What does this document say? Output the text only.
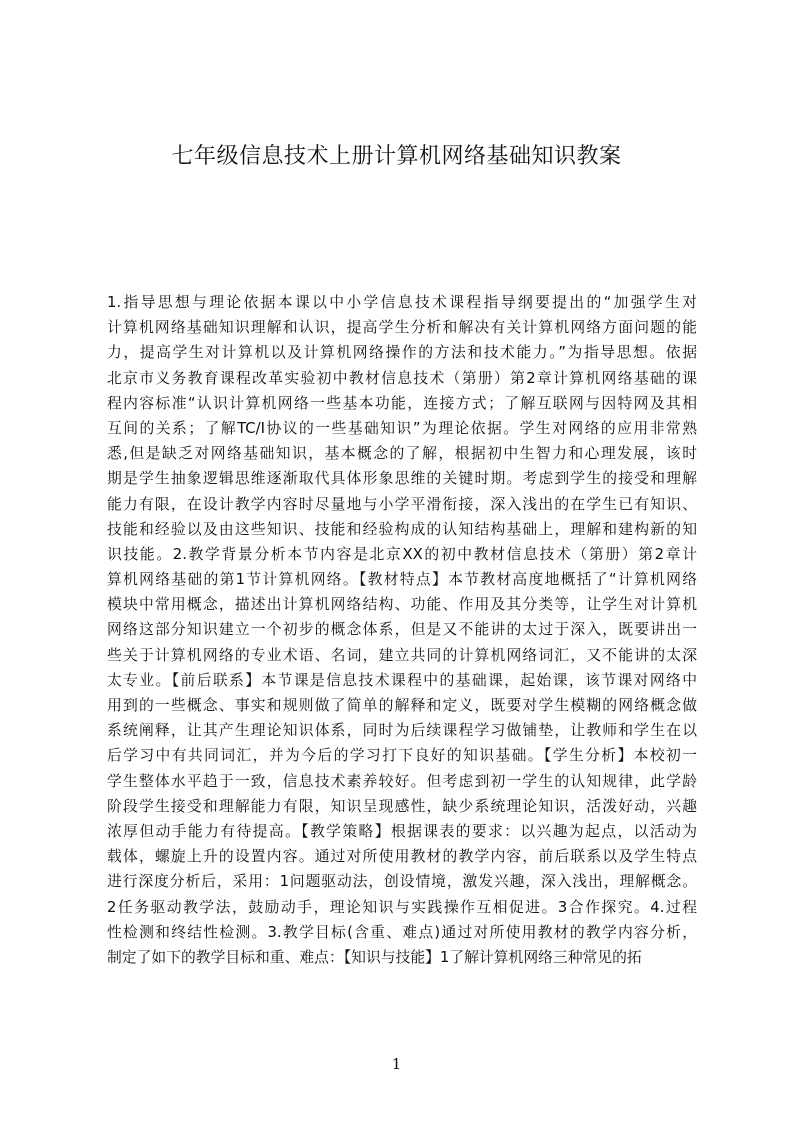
七年级信息技术上册计算机网络基础知识教案
1.指导思想与理论依据本课以中小学信息技术课程指导纲要提出的“加强学生对
计算机网络基础知识理解和认识，提高学生分析和解决有关计算机网络方面问题的能
力，提高学生对计算机以及计算机网络操作的方法和技术能力。”为指导思想。依据
北京市义务教育课程改革实验初中教材信息技术（第册）第2章计算机网络基础的课
程内容标准“认识计算机网络一些基本功能，连接方式；了解互联网与因特网及其相
互间的关系；了解TC/I协议的一些基础知识”为理论依据。学生对网络的应用非常熟
悉,但是缺乏对网络基础知识，基本概念的了解，根据初中生智力和心理发展，该时
期是学生抽象逻辑思维逐渐取代具体形象思维的关键时期。考虑到学生的接受和理解
能力有限，在设计教学内容时尽量地与小学平滑衔接，深入浅出的在学生已有知识、
技能和经验以及由这些知识、技能和经验构成的认知结构基础上，理解和建构新的知
识技能。2.教学背景分析本节内容是北京XX的初中教材信息技术（第册）第2章计
算机网络基础的第1节计算机网络。【教材特点】本节教材高度地概括了“计算机网络
模块中常用概念，描述出计算机网络结构、功能、作用及其分类等，让学生对计算机
网络这部分知识建立一个初步的概念体系，但是又不能讲的太过于深入，既要讲出一
些关于计算机网络的专业术语、名词，建立共同的计算机网络词汇，又不能讲的太深
太专业。【前后联系】本节课是信息技术课程中的基础课，起始课，该节课对网络中
用到的一些概念、事实和规则做了简单的解释和定义，既要对学生模糊的网络概念做
系统阐释，让其产生理论知识体系，同时为后续课程学习做铺垫，让教师和学生在以
后学习中有共同词汇，并为今后的学习打下良好的知识基础。【学生分析】本校初一
学生整体水平趋于一致，信息技术素养较好。但考虑到初一学生的认知规律，此学龄
阶段学生接受和理解能力有限，知识呈现感性，缺少系统理论知识，活泼好动，兴趣
浓厚但动手能力有待提高。【教学策略】根据课表的要求：以兴趣为起点，以活动为
载体，螺旋上升的设置内容。通过对所使用教材的教学内容，前后联系以及学生特点
进行深度分析后，采用：1问题驱动法，创设情境，激发兴趣，深入浅出，理解概念。
2任务驱动教学法，鼓励动手，理论知识与实践操作互相促进。3合作探究。4.过程
性检测和终结性检测。3.教学目标(含重、难点)通过对所使用教材的教学内容分析，
制定了如下的教学目标和重、难点：【知识与技能】1了解计算机网络三种常见的拓
1
